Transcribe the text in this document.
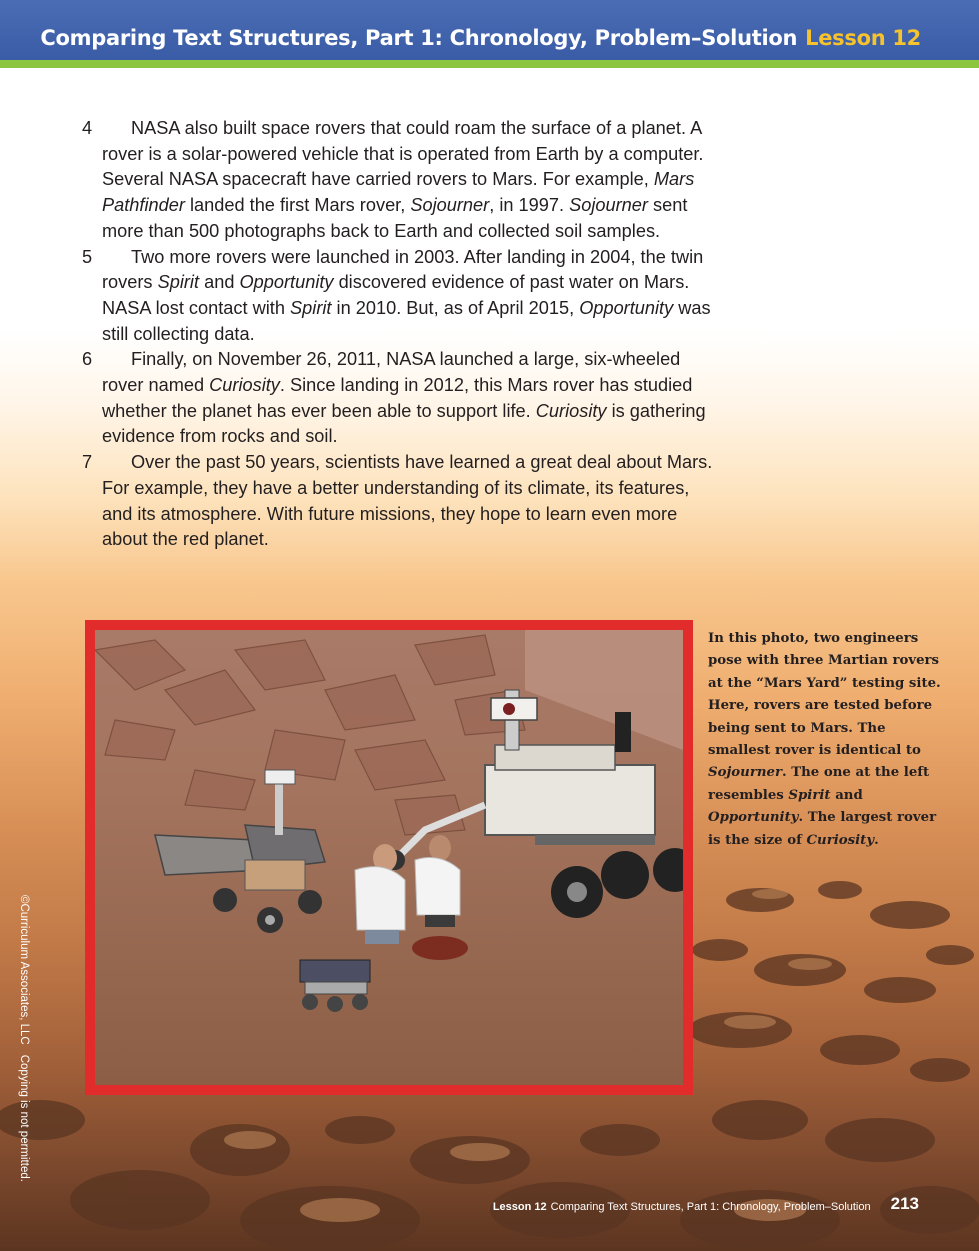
Comparing Text Structures, Part 1: Chronology, Problem–Solution Lesson 12

4	NASA also built space rovers that could roam the surface of a planet. A rover is a solar-powered vehicle that is operated from Earth by a computer. Several NASA spacecraft have carried rovers to Mars. For example, Mars Pathfinder landed the first Mars rover, Sojourner, in 1997. Sojourner sent more than 500 photographs back to Earth and collected soil samples.

5	Two more rovers were launched in 2003. After landing in 2004, the twin rovers Spirit and Opportunity discovered evidence of past water on Mars. NASA lost contact with Spirit in 2010. But, as of April 2015, Opportunity was still collecting data.

6	Finally, on November 26, 2011, NASA launched a large, six-wheeled rover named Curiosity. Since landing in 2012, this Mars rover has studied whether the planet has ever been able to support life. Curiosity is gathering evidence from rocks and soil.

7	Over the past 50 years, scientists have learned a great deal about Mars. For example, they have a better understanding of its climate, its features, and its atmosphere. With future missions, they hope to learn even more about the red planet.

In this photo, two engineers pose with three Martian rovers at the “Mars Yard” testing site. Here, rovers are tested before being sent to Mars. The smallest rover is identical to Sojourner. The one at the left resembles Spirit and Opportunity. The largest rover is the size of Curiosity.
©Curriculum Associates, LLCCopying is not permitted.
Lesson 12 Comparing Text Structures, Part 1: Chronology, Problem–Solution 213
